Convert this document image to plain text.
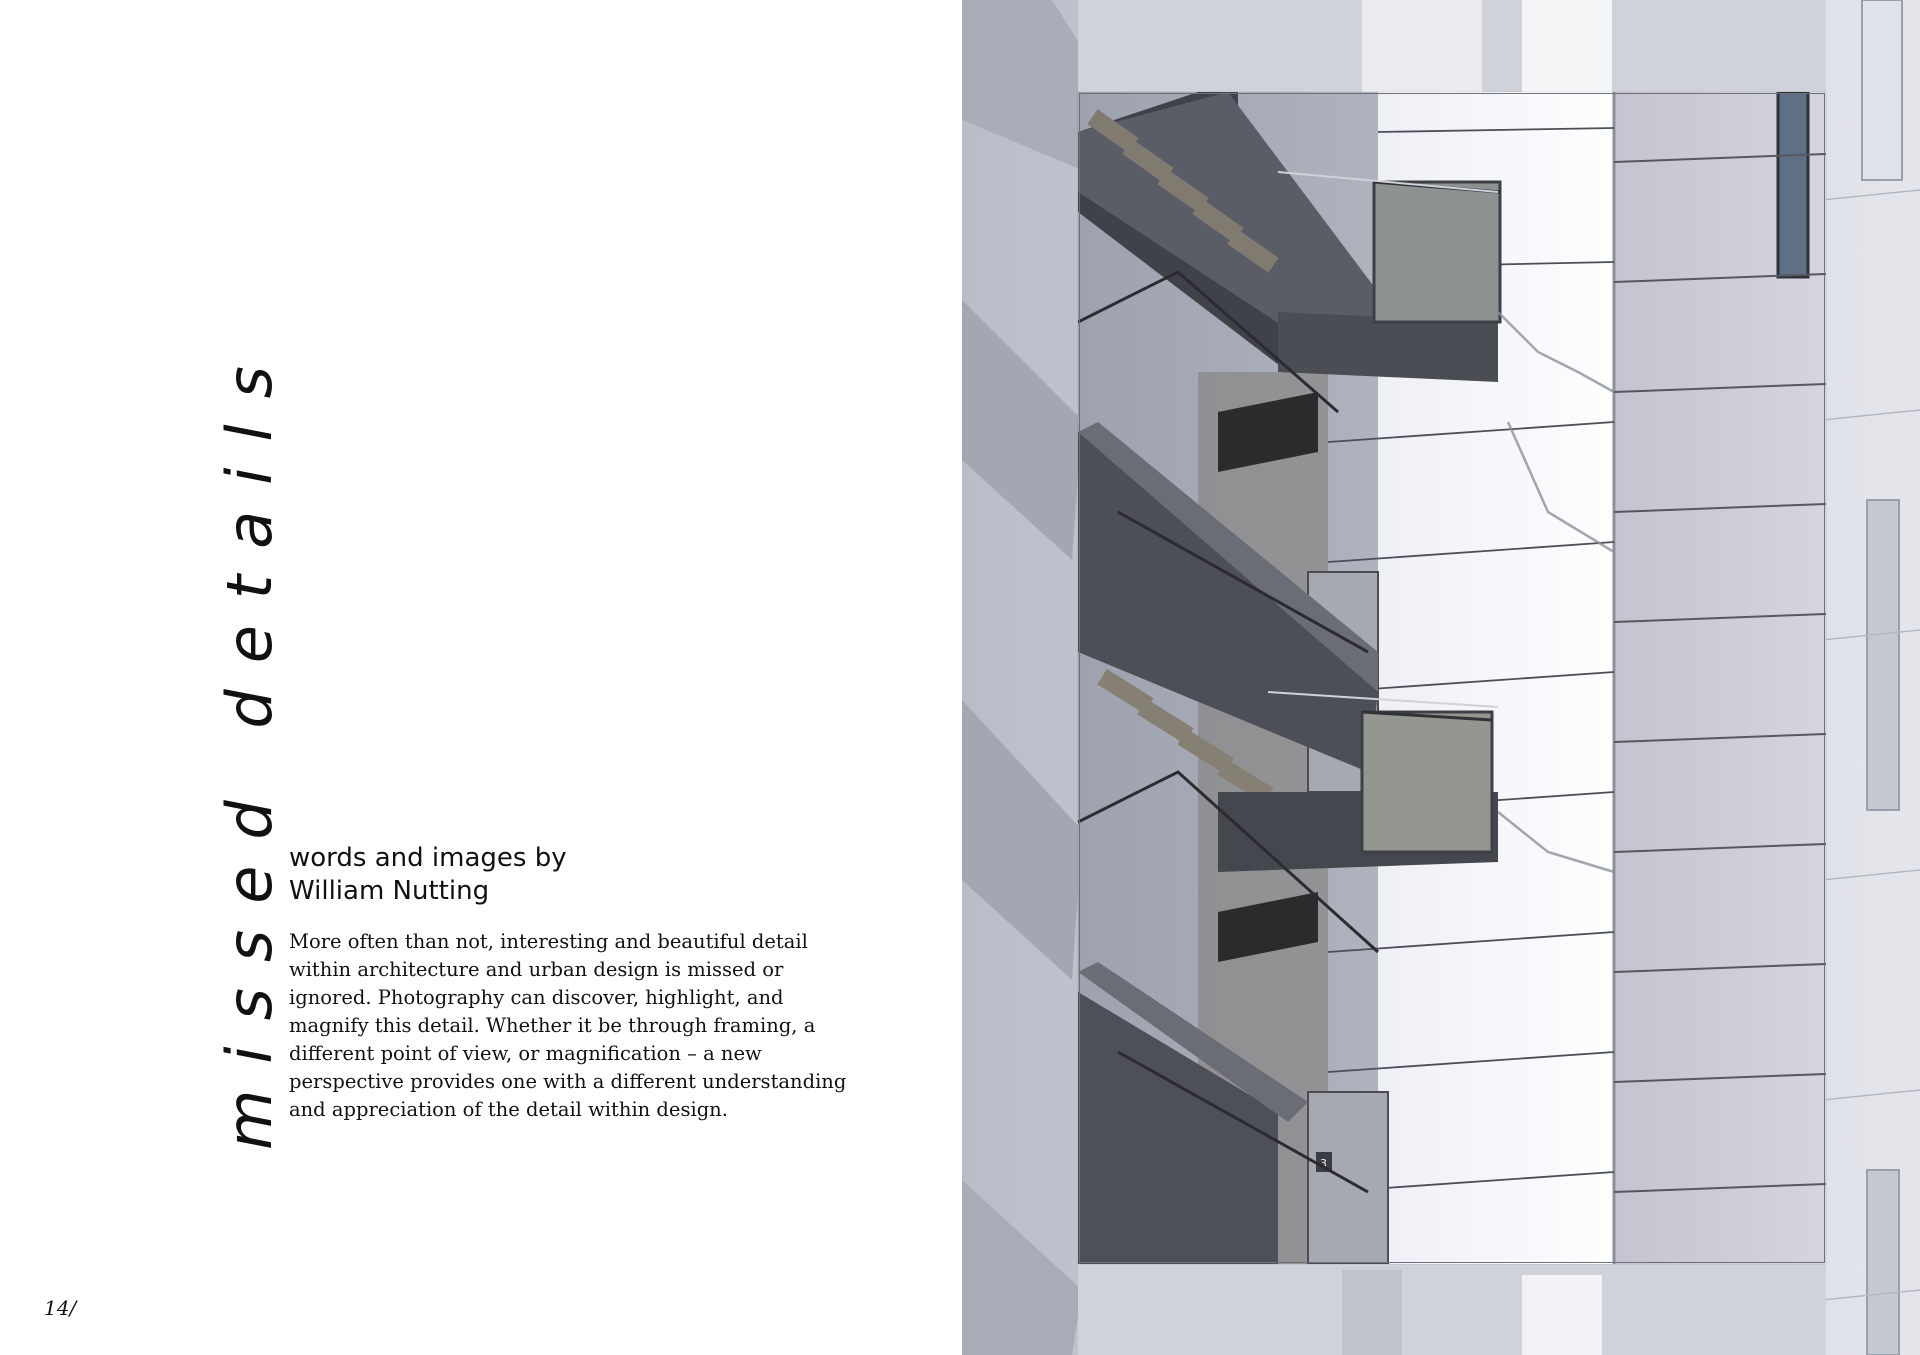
missed details words and images by
William Nutting

More often than not, interesting and beautiful detail within architecture and urban design is missed or ignored. Photography can discover, highlight, and magnify this detail. Whether it be through framing, a different point of view, or magnification – a new perspective provides one with a different understanding and appreciation of the detail within design.

14/
3
